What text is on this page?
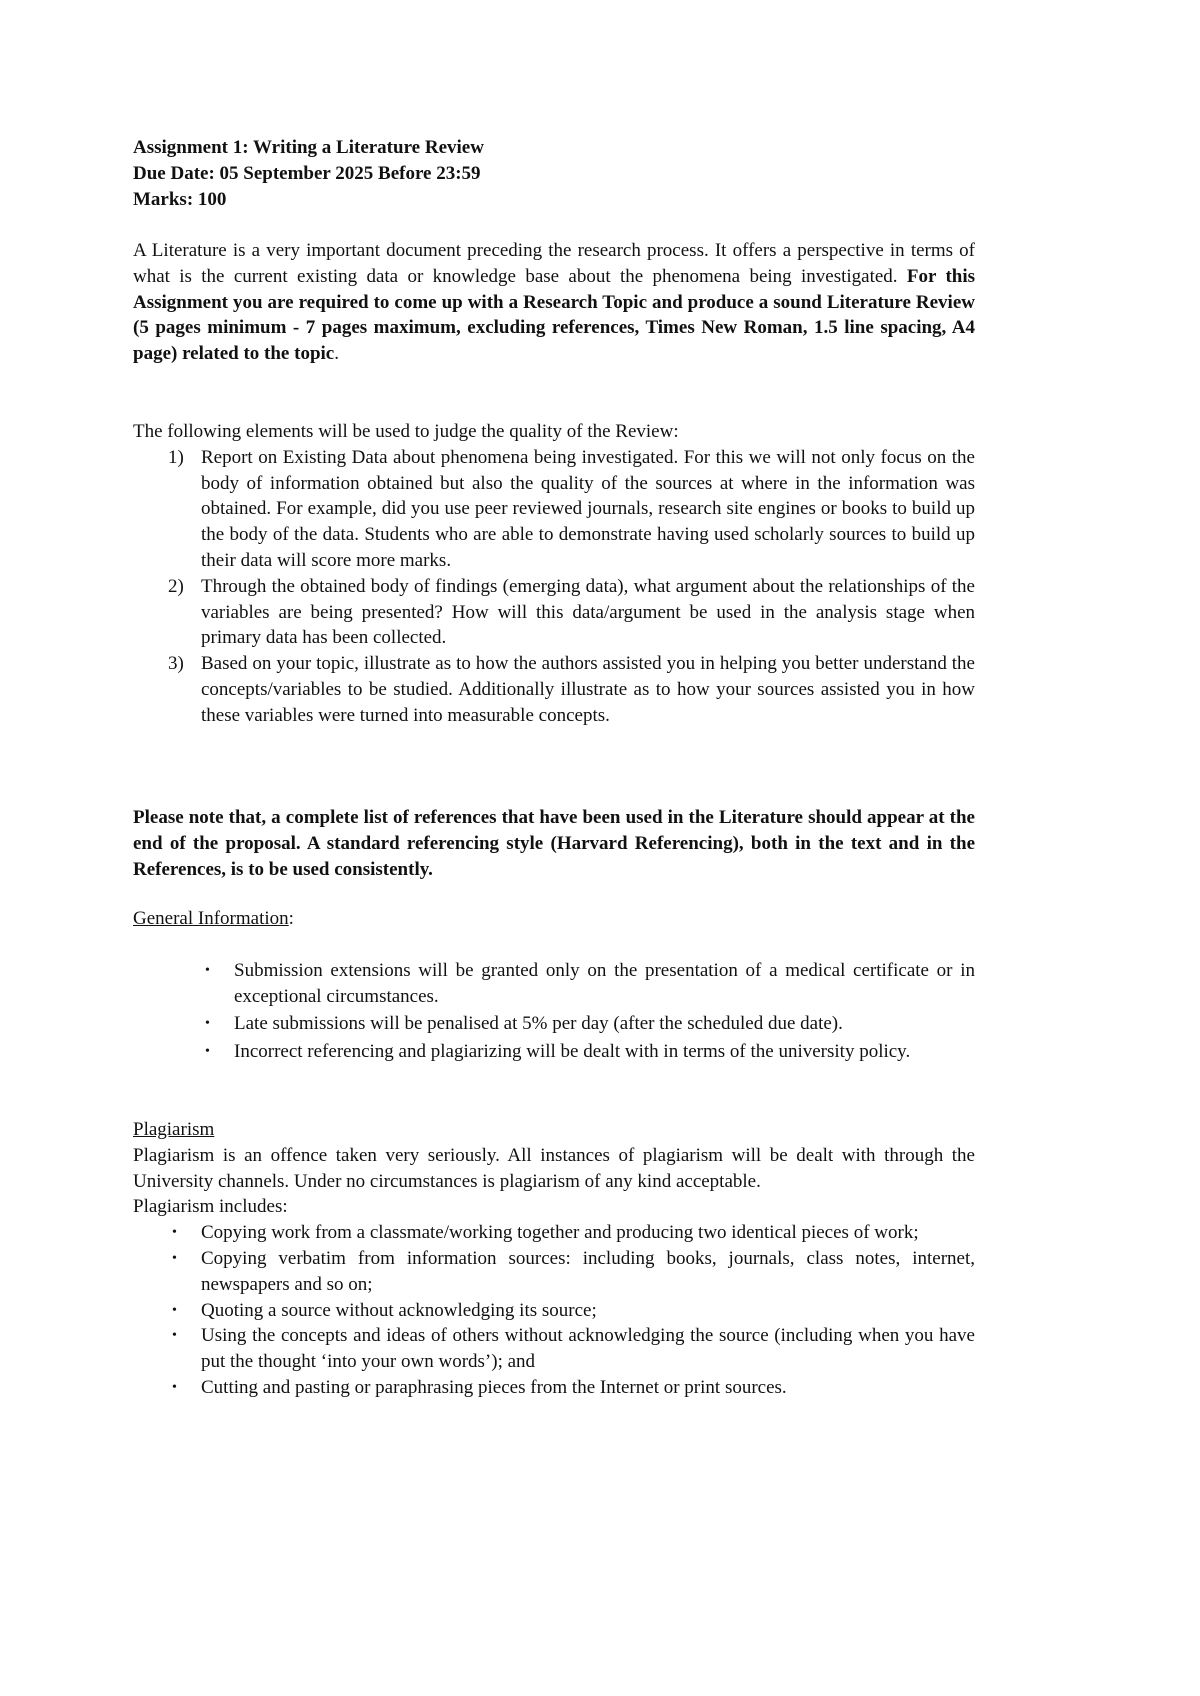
Assignment 1: Writing a Literature Review

Due Date: 05 September 2025 Before 23:59

Marks: 100

A Literature is a very important document preceding the research process. It offers a perspective in terms of what is the current existing data or knowledge base about the phenomena being investigated. For this Assignment you are required to come up with a Research Topic and produce a sound Literature Review (5 pages minimum - 7 pages maximum, excluding references, Times New Roman, 1.5 line spacing, A4 page) related to the topic.

The following elements will be used to judge the quality of the Review:

1) Report on Existing Data about phenomena being investigated. For this we will not only focus on the body of information obtained but also the quality of the sources at where in the information was obtained. For example, did you use peer reviewed journals, research site engines or books to build up the body of the data. Students who are able to demonstrate having used scholarly sources to build up their data will score more marks.
2) Through the obtained body of findings (emerging data), what argument about the relationships of the variables are being presented? How will this data/argument be used in the analysis stage when primary data has been collected.
3) Based on your topic, illustrate as to how the authors assisted you in helping you better understand the concepts/variables to be studied. Additionally illustrate as to how your sources assisted you in how these variables were turned into measurable concepts.

Please note that, a complete list of references that have been used in the Literature should appear at the end of the proposal. A standard referencing style (Harvard Referencing), both in the text and in the References, is to be used consistently.

General Information:

• Submission extensions will be granted only on the presentation of a medical certificate or in exceptional circumstances.
• Late submissions will be penalised at 5% per day (after the scheduled due date).
• Incorrect referencing and plagiarizing will be dealt with in terms of the university policy.

Plagiarism

Plagiarism is an offence taken very seriously. All instances of plagiarism will be dealt with through the University channels. Under no circumstances is plagiarism of any kind acceptable.

Plagiarism includes:

• Copying work from a classmate/working together and producing two identical pieces of work;
• Copying verbatim from information sources: including books, journals, class notes, internet, newspapers and so on;
• Quoting a source without acknowledging its source;
• Using the concepts and ideas of others without acknowledging the source (including when you have put the thought ‘into your own words’); and
• Cutting and pasting or paraphrasing pieces from the Internet or print sources.
